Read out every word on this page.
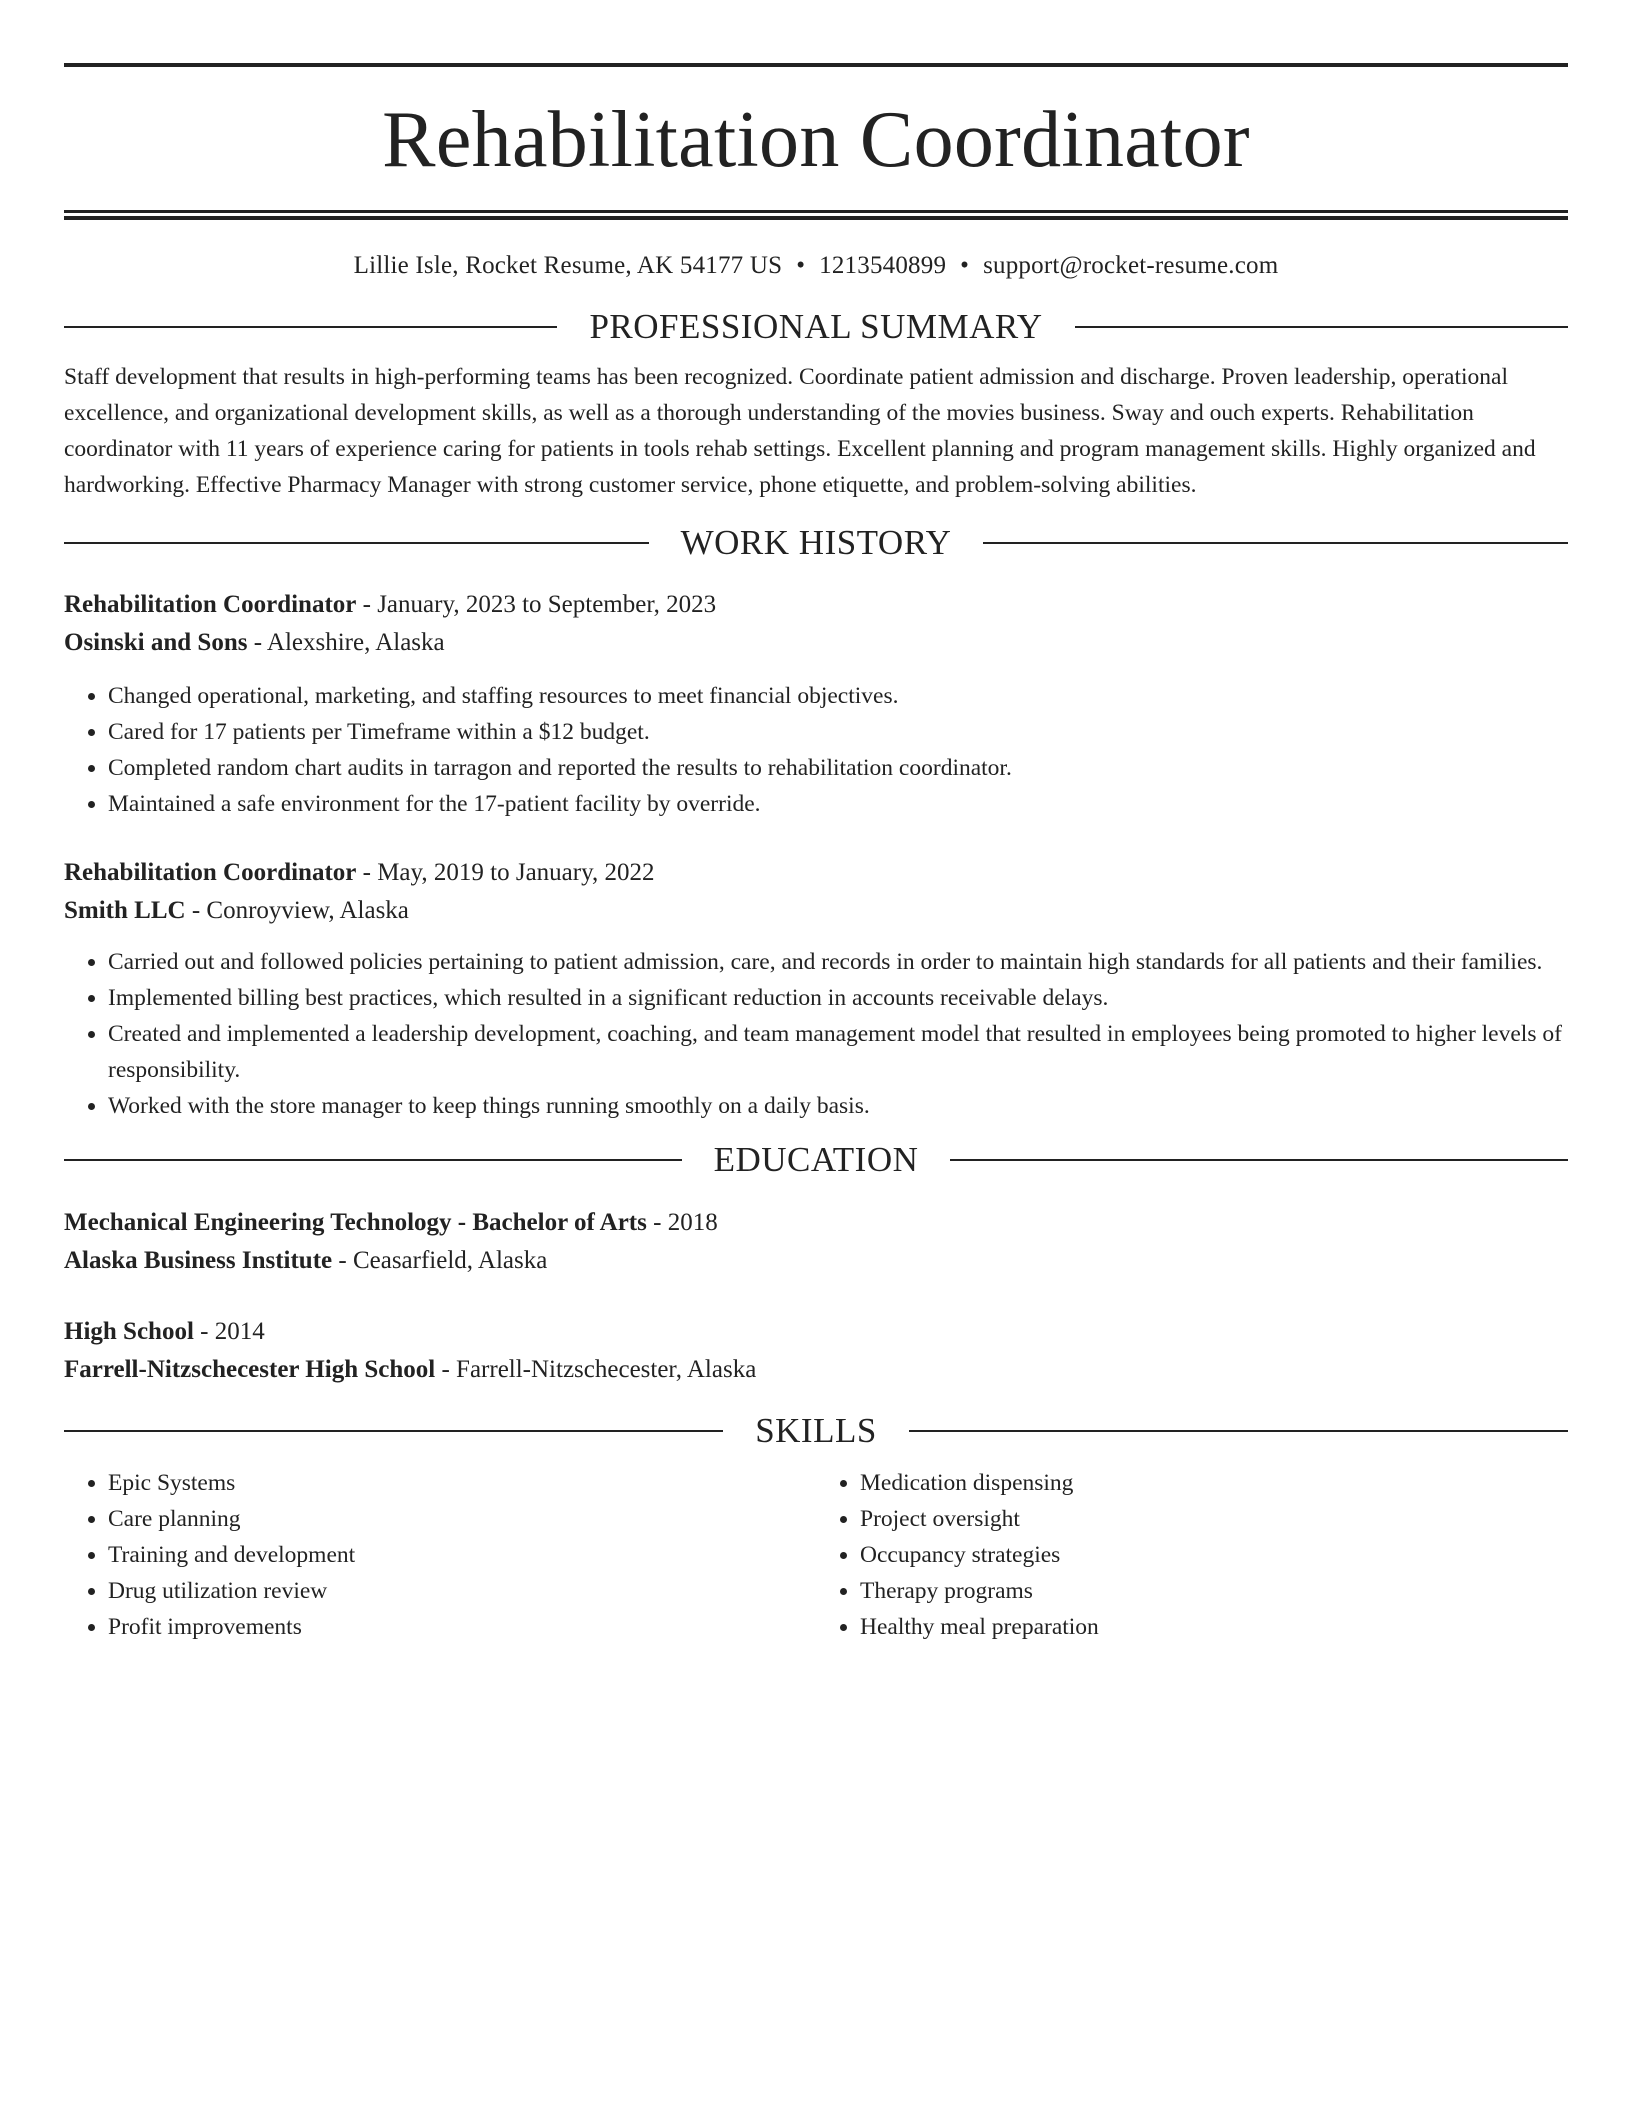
Rehabilitation Coordinator
Lillie Isle, Rocket Resume, AK 54177 US • 1213540899 • support@rocket-resume.com
PROFESSIONAL SUMMARY
Staff development that results in high-performing teams has been recognized. Coordinate patient admission and discharge. Proven leadership, operational excellence, and organizational development skills, as well as a thorough understanding of the movies business. Sway and ouch experts. Rehabilitation coordinator with 11 years of experience caring for patients in tools rehab settings. Excellent planning and program management skills. Highly organized and hardworking. Effective Pharmacy Manager with strong customer service, phone etiquette, and problem-solving abilities.
WORK HISTORY
Rehabilitation Coordinator - January, 2023 to September, 2023
Osinski and Sons - Alexshire, Alaska
• Changed operational, marketing, and staffing resources to meet financial objectives.
• Cared for 17 patients per Timeframe within a $12 budget.
• Completed random chart audits in tarragon and reported the results to rehabilitation coordinator.
• Maintained a safe environment for the 17-patient facility by override.
Rehabilitation Coordinator - May, 2019 to January, 2022
Smith LLC - Conroyview, Alaska
• Carried out and followed policies pertaining to patient admission, care, and records in order to maintain high standards for all patients and their families.
• Implemented billing best practices, which resulted in a significant reduction in accounts receivable delays.
• Created and implemented a leadership development, coaching, and team management model that resulted in employees being promoted to higher levels of responsibility.
• Worked with the store manager to keep things running smoothly on a daily basis.
EDUCATION
Mechanical Engineering Technology - Bachelor of Arts - 2018
Alaska Business Institute - Ceasarfield, Alaska
High School - 2014
Farrell-Nitzschecester High School - Farrell-Nitzschecester, Alaska
SKILLS
• Epic Systems
• Care planning
• Training and development
• Drug utilization review
• Profit improvements
• Medication dispensing
• Project oversight
• Occupancy strategies
• Therapy programs
• Healthy meal preparation
